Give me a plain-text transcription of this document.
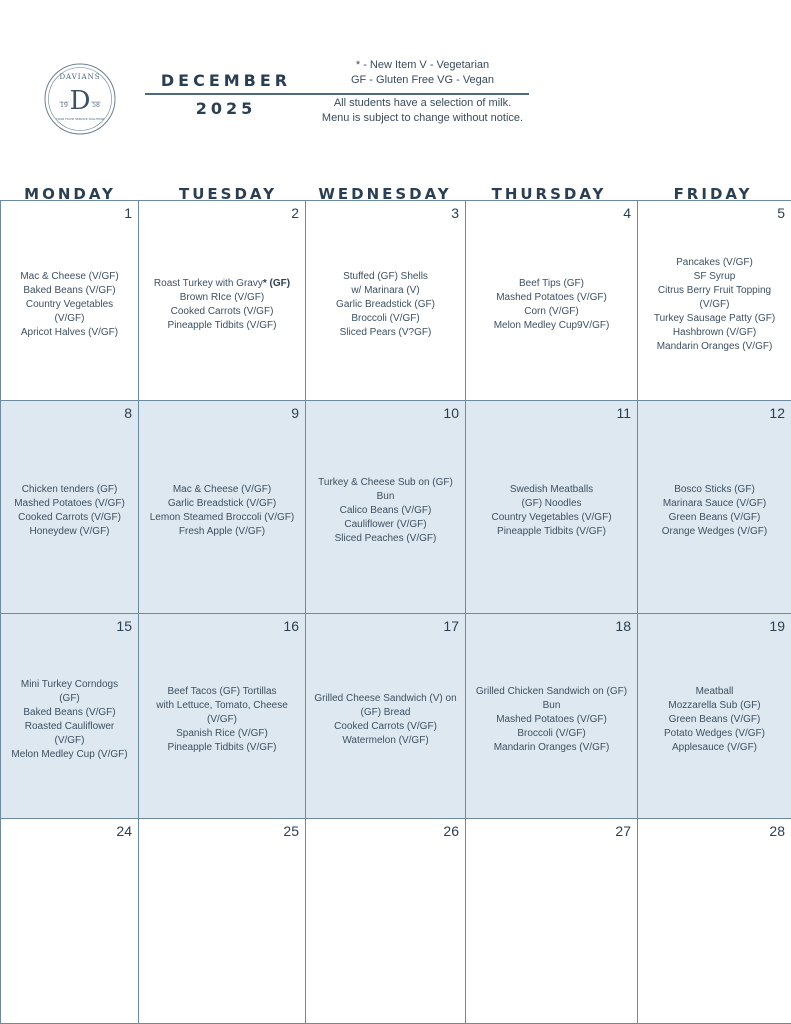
DAVIANS
D
19	58
YOUR FOOD SERVICE SOLUTION
DECEMBER
2025
* - New Item V - Vegetarian
GF - Gluten Free VG - Vegan
All students have a selection of milk.
Menu is subject to change without notice.
MONDAY	TUESDAY	WEDNESDAY	THURSDAY	FRIDAY
1
Mac & Cheese (V/GF)
Baked Beans (V/GF)
Country Vegetables
(V/GF)
Apricot Halves (V/GF)
2
Roast Turkey with Gravy* (GF)
Brown RIce (V/GF)
Cooked Carrots (V/GF)
Pineapple Tidbits (V/GF)
3
Stuffed (GF) Shells
w/ Marinara (V)
Garlic Breadstick (GF)
Broccoli (V/GF)
Sliced Pears (V?GF)
4
Beef Tips (GF)
Mashed Potatoes (V/GF)
Corn (V/GF)
Melon Medley Cup9V/GF)
5
Pancakes (V/GF)
SF Syrup
Citrus Berry Fruit Topping
(V/GF)
Turkey Sausage Patty (GF)
Hashbrown (V/GF)
Mandarin Oranges (V/GF)
8
Chicken tenders (GF)
Mashed Potatoes (V/GF)
Cooked Carrots (V/GF)
Honeydew (V/GF)
9
Mac & Cheese (V/GF)
Garlic Breadstick (V/GF)
Lemon Steamed Broccoli (V/GF)
Fresh Apple (V/GF)
10
Turkey & Cheese Sub on (GF)
Bun
Calico Beans (V/GF)
Cauliflower (V/GF)
Sliced Peaches (V/GF)
11
Swedish Meatballs
(GF) Noodles
Country Vegetables (V/GF)
Pineapple Tidbits (V/GF)
12
Bosco Sticks (GF)
Marinara Sauce (V/GF)
Green Beans (V/GF)
Orange Wedges (V/GF)
15
Mini Turkey Corndogs
(GF)
Baked Beans (V/GF)
Roasted Cauliflower
(V/GF)
Melon Medley Cup (V/GF)
16
Beef Tacos (GF) Tortillas
with Lettuce, Tomato, Cheese
(V/GF)
Spanish Rice (V/GF)
Pineapple Tidbits (V/GF)
17
Grilled Cheese Sandwich (V) on
(GF) Bread
Cooked Carrots (V/GF)
Watermelon (V/GF)
18
Grilled Chicken Sandwich on (GF)
Bun
Mashed Potatoes (V/GF)
Broccoli (V/GF)
Mandarin Oranges (V/GF)
19
Meatball
Mozzarella Sub (GF)
Green Beans (V/GF)
Potato Wedges (V/GF)
Applesauce (V/GF)
24	25	26	27	28
